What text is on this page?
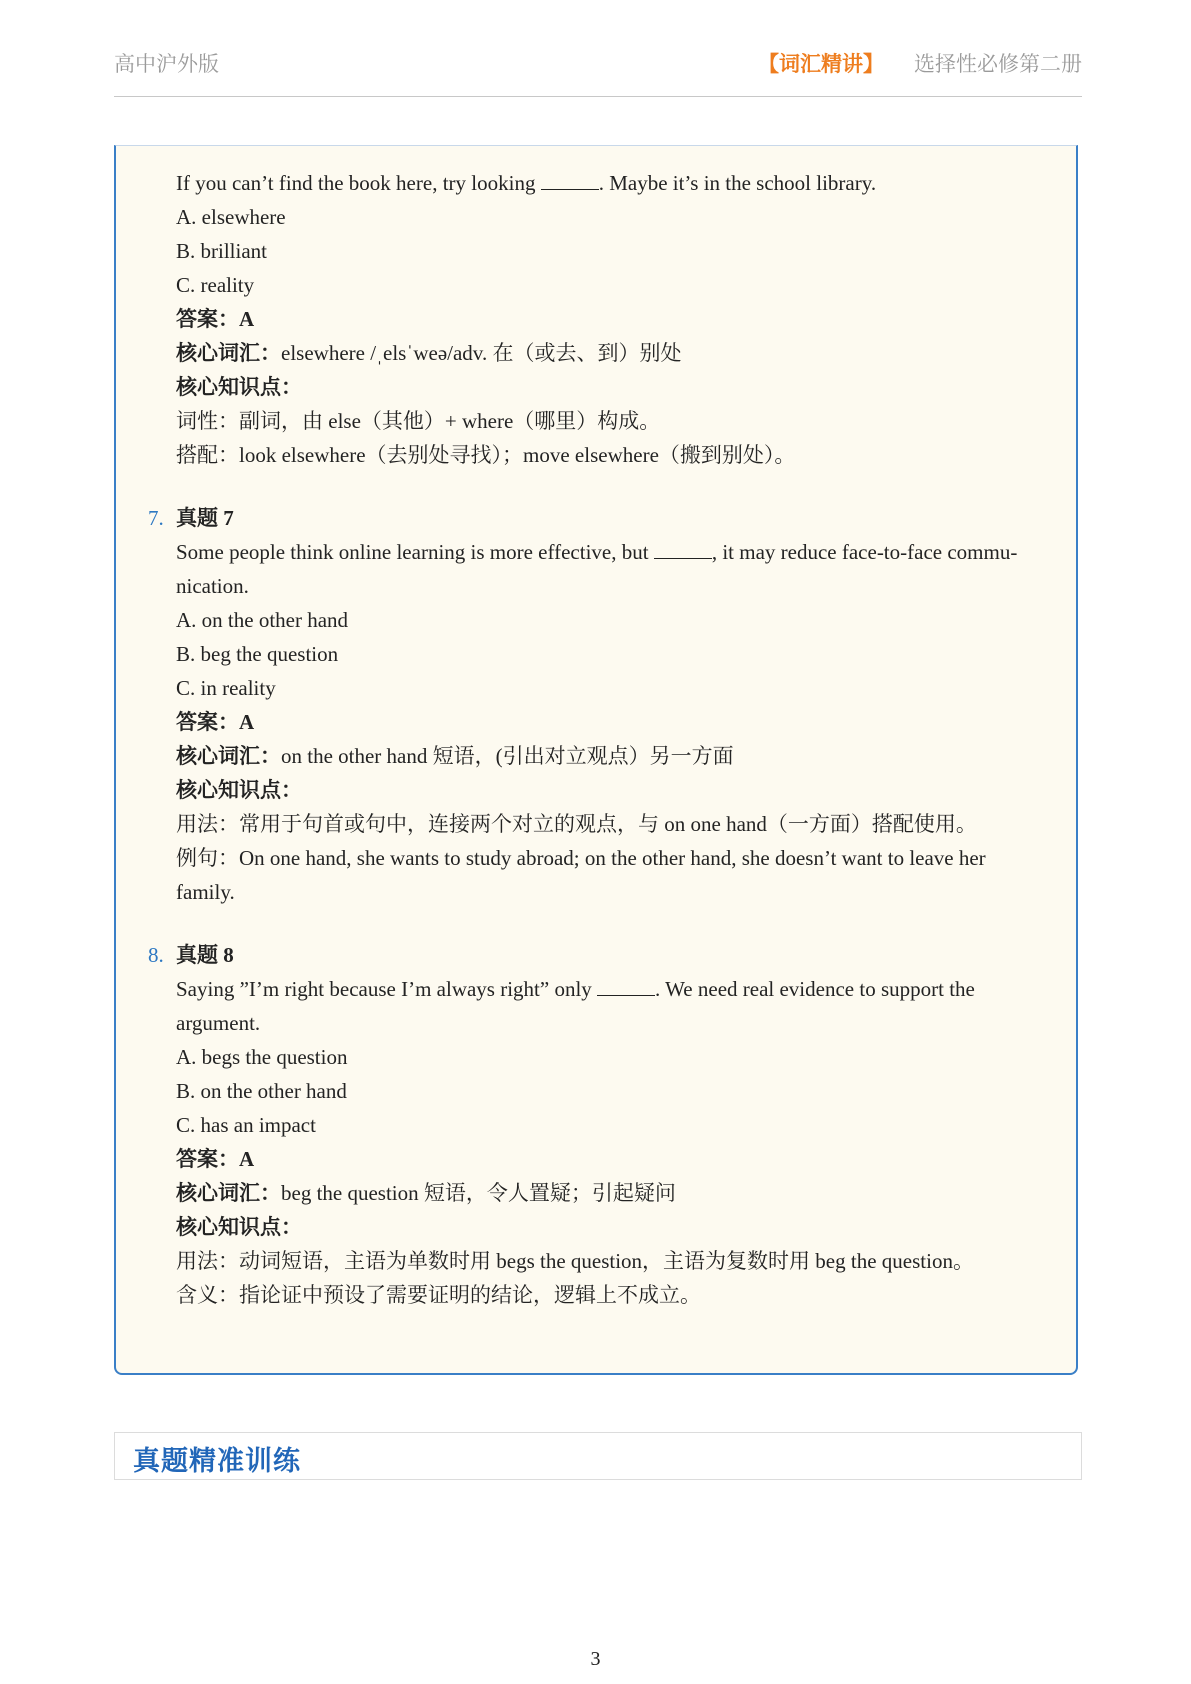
高中沪外版	【词汇精讲】 选择性必修第二册
If you can’t find the book here, try looking	. Maybe it’s in the school library.
A. elsewhere
B. brilliant
C. reality
答案：A
核心词汇：elsewhere /ˌelsˈweə/adv. 在（或去、到）别处
核心知识点：
词性：副词，由 else（其他）+ where（哪里）构成。
搭配：look elsewhere（去别处寻找）；move elsewhere（搬到别处）。
7. 真题 7
Some people think online learning is more effective, but	, it may reduce face-to-face commu-
nication.
A. on the other hand
B. beg the question
C. in reality
答案：A
核心词汇：on the other hand 短语，(引出对立观点）另一方面
核心知识点：
用法：常用于句首或句中，连接两个对立的观点，与 on one hand（一方面）搭配使用。
例句：On one hand, she wants to study abroad; on the other hand, she doesn’t want to leave her
family.
8. 真题 8
Saying ”I’m right because I’m always right” only	. We need real evidence to support the
argument.
A. begs the question
B. on the other hand
C. has an impact
答案：A
核心词汇：beg the question 短语，令人置疑；引起疑问
核心知识点：
用法：动词短语，主语为单数时用 begs the question，主语为复数时用 beg the question。
含义：指论证中预设了需要证明的结论，逻辑上不成立。
真题精准训练
3
